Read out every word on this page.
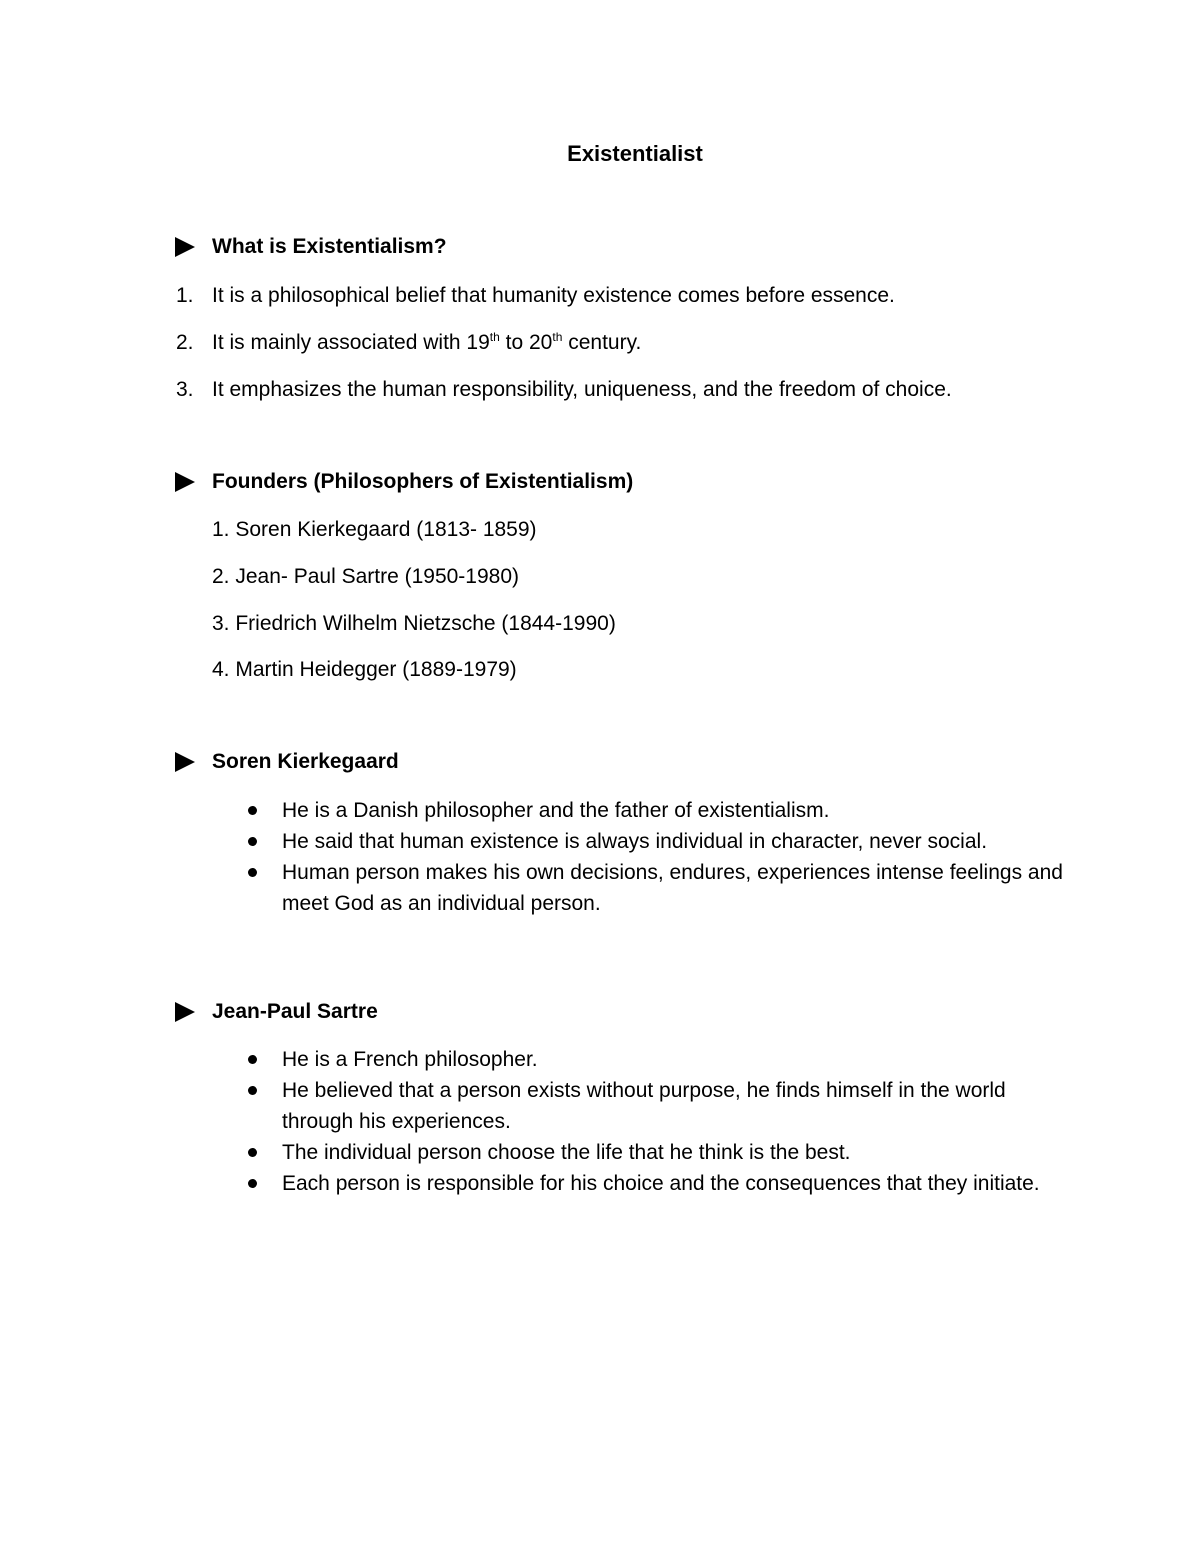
Existentialist
What is Existentialism?
1. It is a philosophical belief that humanity existence comes before essence.
2. It is mainly associated with 19th to 20th century.
3. It emphasizes the human responsibility, uniqueness, and the freedom of choice.
Founders (Philosophers of Existentialism)
1. Soren Kierkegaard (1813- 1859)
2. Jean- Paul Sartre (1950-1980)
3. Friedrich Wilhelm Nietzsche (1844-1990)
4. Martin Heidegger (1889-1979)
Soren Kierkegaard
He is a Danish philosopher and the father of existentialism.
He said that human existence is always individual in character, never social.
Human person makes his own decisions, endures, experiences intense feelings and meet God as an individual person.
Jean-Paul Sartre
He is a French philosopher.
He believed that a person exists without purpose, he finds himself in the world through his experiences.
The individual person choose the life that he think is the best.
Each person is responsible for his choice and the consequences that they initiate.
